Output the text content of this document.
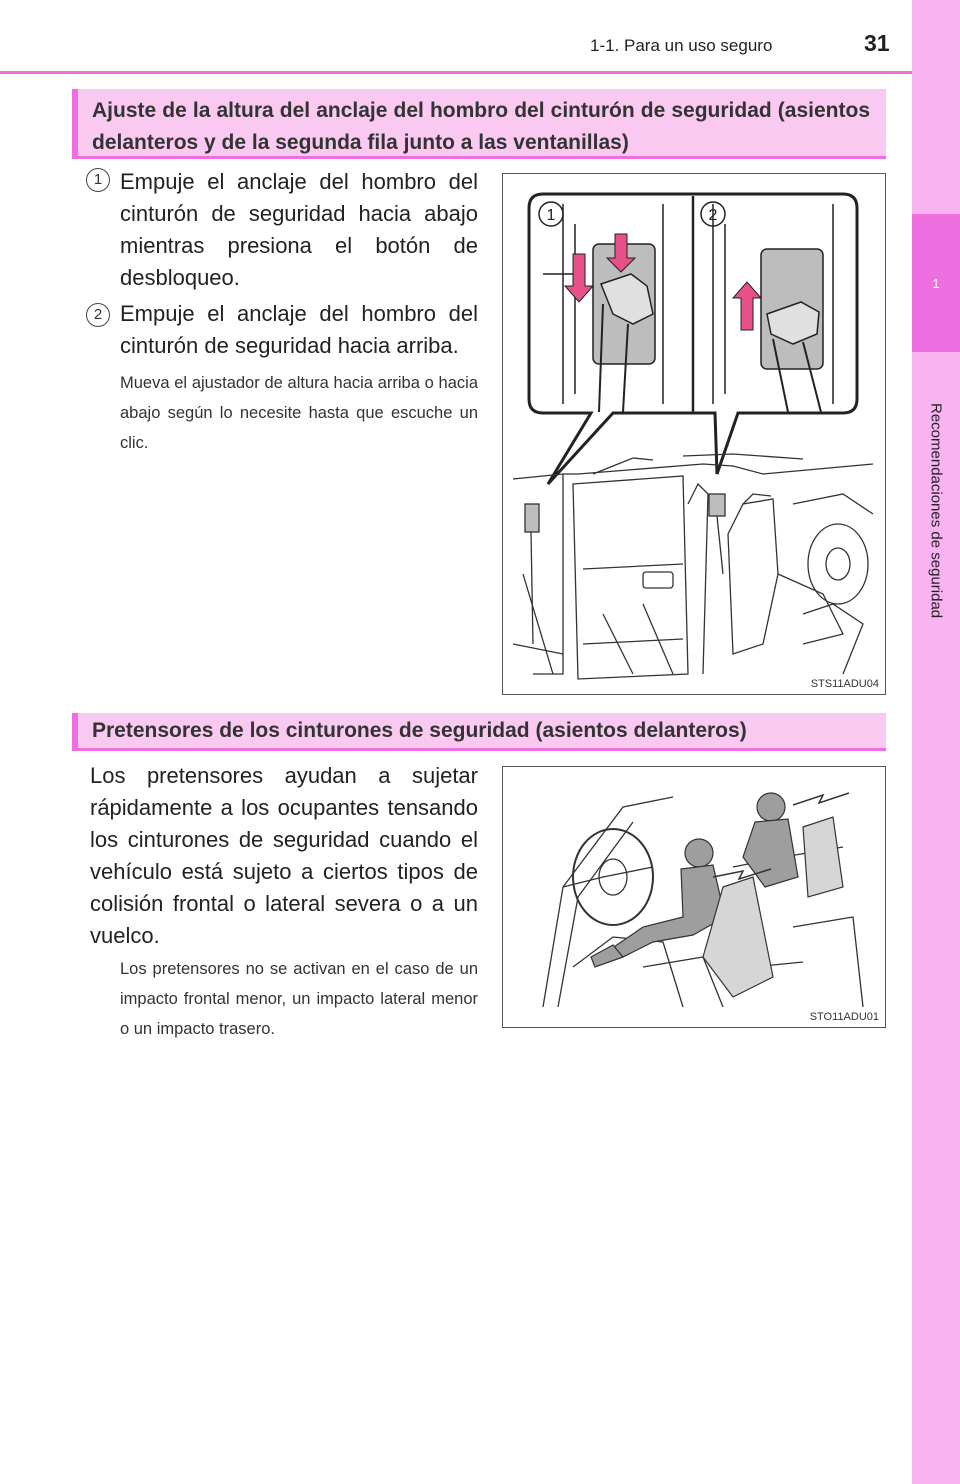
1
Recomendaciones de seguridad
1-1. Para un uso seguro	31
Ajuste de la altura del anclaje del hombro del cinturón de seguridad (asientos delanteros y de la segunda fila junto a las ventanillas)
1 Empuje el anclaje del hombro del cinturón de seguridad hacia abajo mientras presiona el botón de desbloqueo.
2 Empuje el anclaje del hombro del cinturón de seguridad hacia arriba.
Mueva el ajustador de altura hacia arriba o hacia abajo según lo necesite hasta que escuche un clic.
1	2
STS11ADU04
Pretensores de los cinturones de seguridad (asientos delanteros)
Los pretensores ayudan a sujetar rápidamente a los ocupantes tensando los cinturones de seguridad cuando el vehículo está sujeto a ciertos tipos de colisión frontal o lateral severa o a un vuelco.
Los pretensores no se activan en el caso de un impacto frontal menor, un impacto lateral menor o un impacto trasero.
STO11ADU01
